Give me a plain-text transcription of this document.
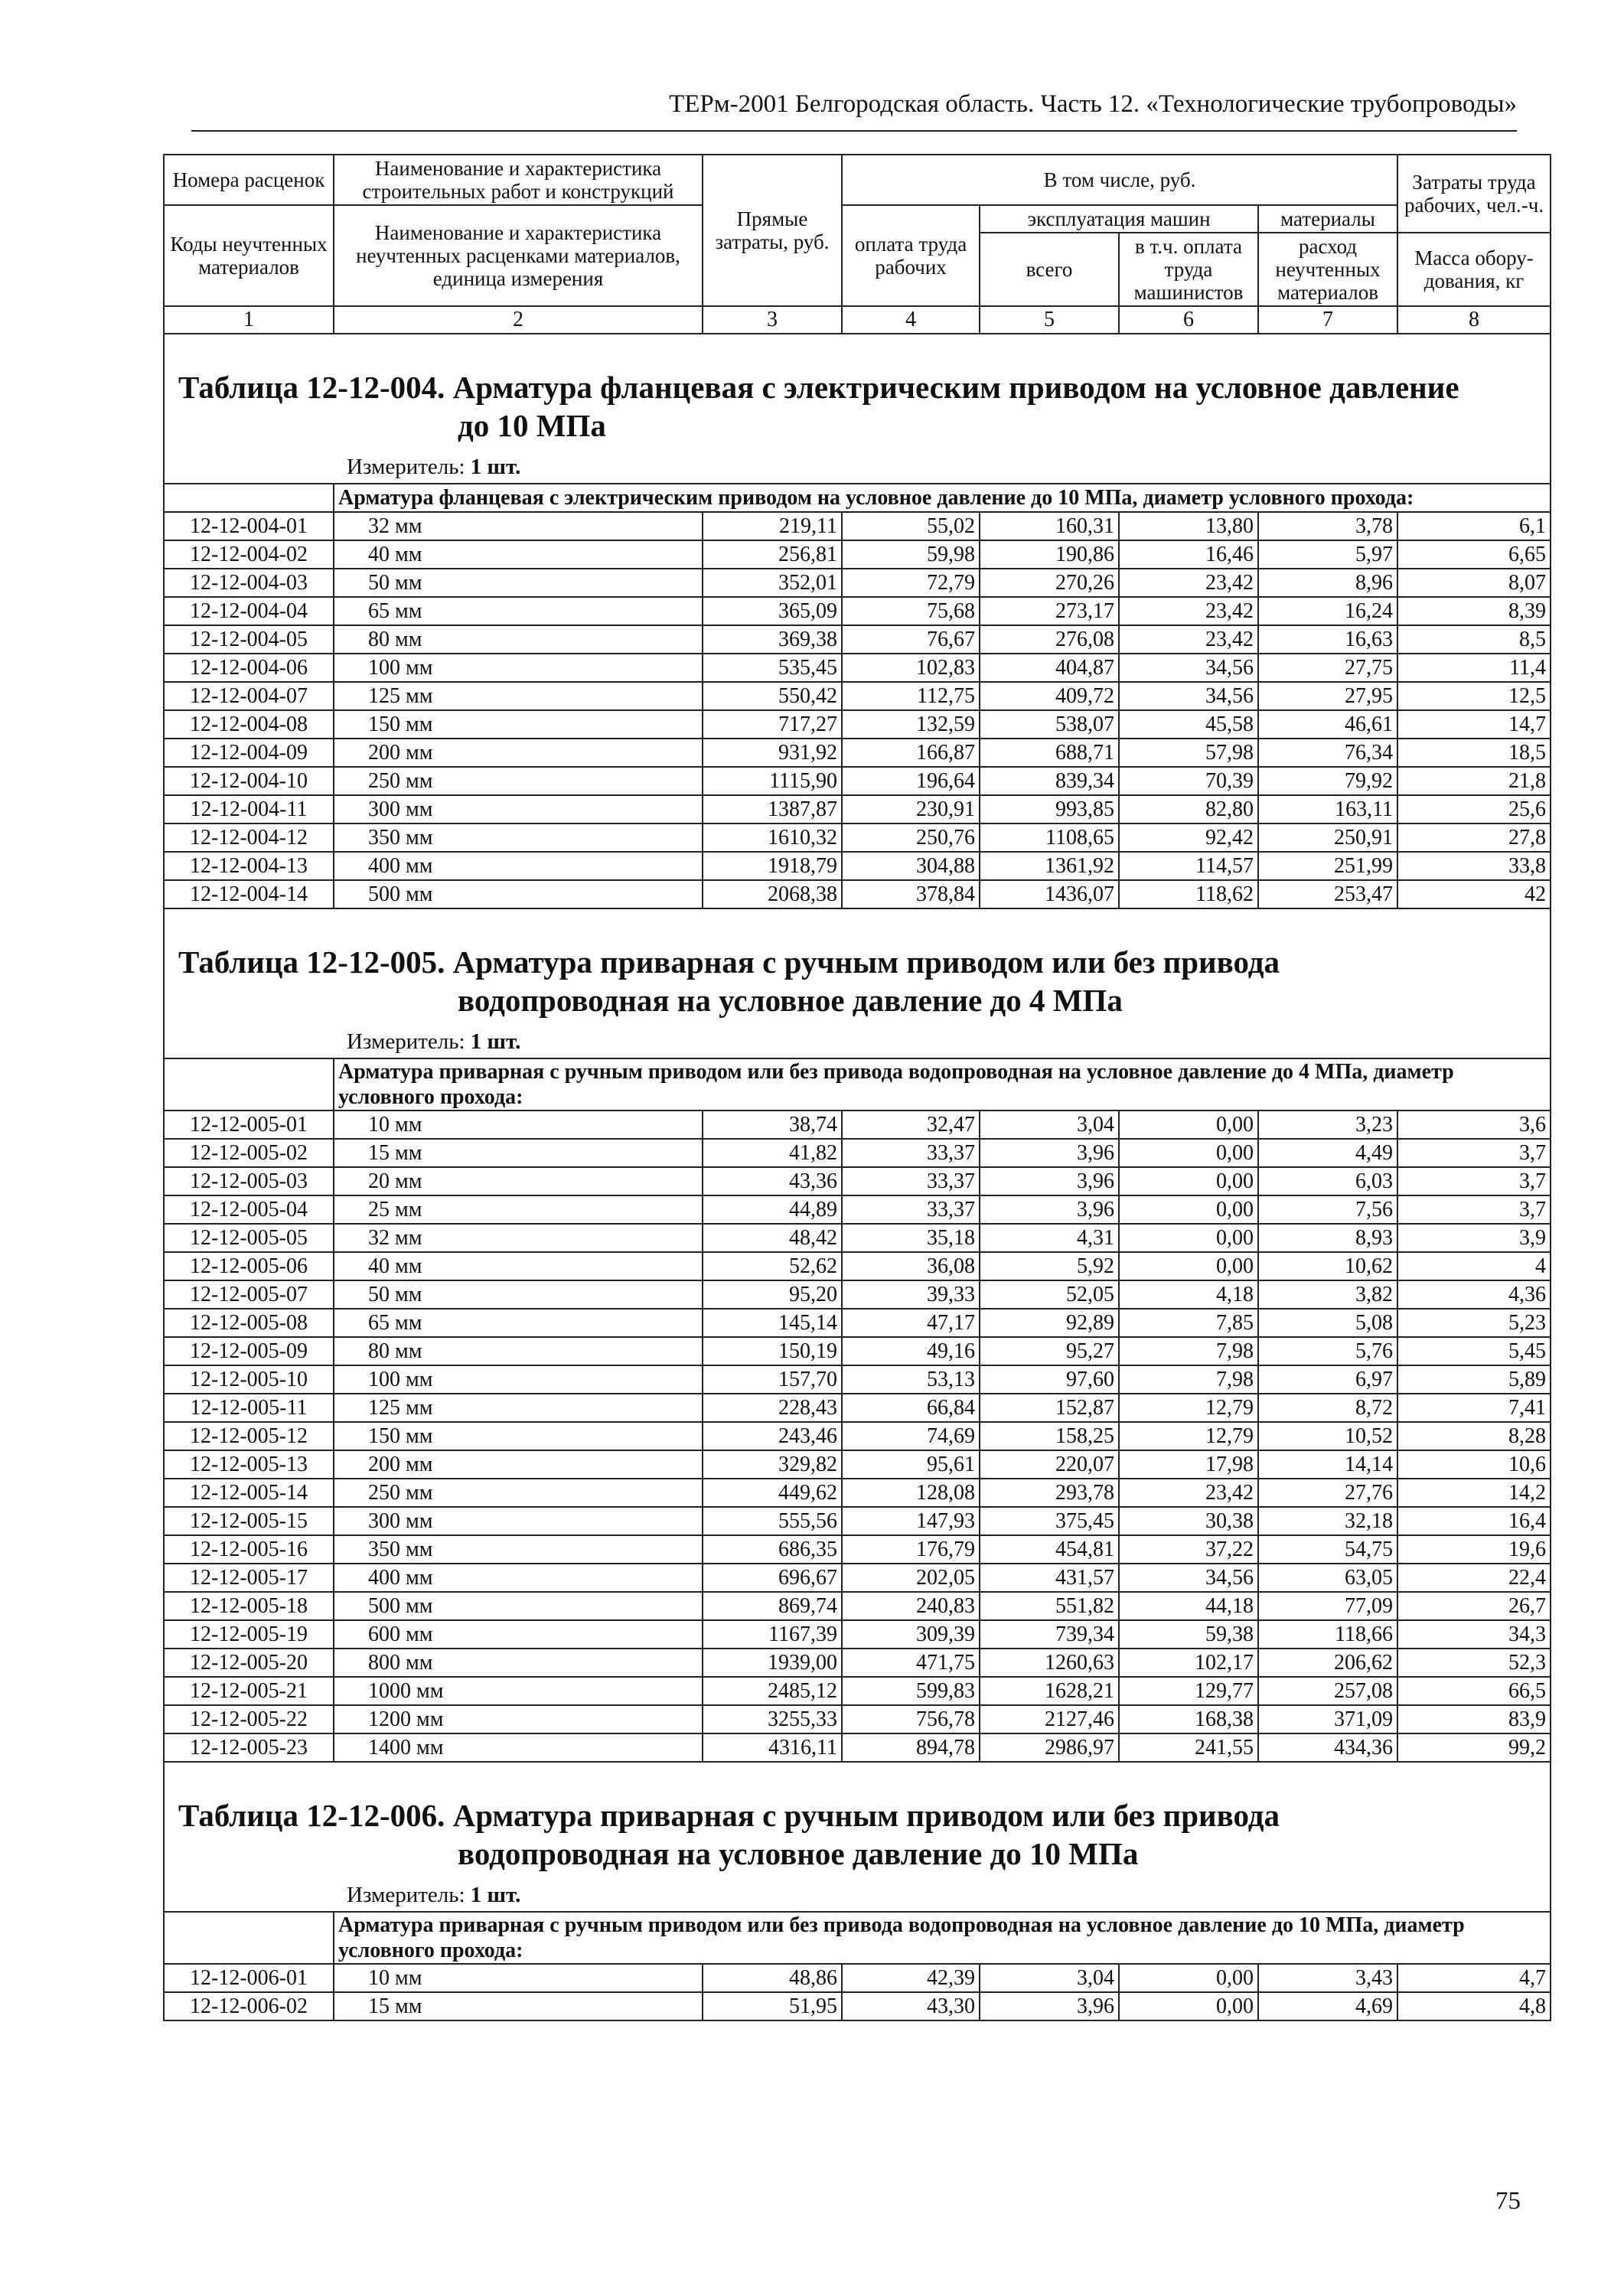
ТЕРм-2001 Белгородская область. Часть 12. «Технологические трубопроводы»
Номера расценок	Наименование и характеристика строительных работ и конструкций	Прямые затраты, руб.	В том числе, руб.				Затраты труда рабочих, чел.-ч.
Коды неучтенных материалов	Наименование и характеристика неучтенных расценками материалов, единица измерения		оплата труда рабочих	эксплуатация машин		материалы	
				всего	в т.ч. оплата труда машинистов	расход неучтенных материалов	Масса обору- дования, кг
1	2	3	4	5	6	7	8

Таблица 12-12-004. Арматура фланцевая с электрическим приводом на условное давление
до 10 МПа
Измеритель: 1 шт.							

	Арматура фланцевая с электрическим приводом на условное давление до 10 МПа, диаметр условного прохода:						
12-12-004-01	32 мм	219,11	55,02	160,31	13,80	3,78	6,1
12-12-004-02	40 мм	256,81	59,98	190,86	16,46	5,97	6,65
12-12-004-03	50 мм	352,01	72,79	270,26	23,42	8,96	8,07
12-12-004-04	65 мм	365,09	75,68	273,17	23,42	16,24	8,39
12-12-004-05	80 мм	369,38	76,67	276,08	23,42	16,63	8,5
12-12-004-06	100 мм	535,45	102,83	404,87	34,56	27,75	11,4
12-12-004-07	125 мм	550,42	112,75	409,72	34,56	27,95	12,5
12-12-004-08	150 мм	717,27	132,59	538,07	45,58	46,61	14,7
12-12-004-09	200 мм	931,92	166,87	688,71	57,98	76,34	18,5
12-12-004-10	250 мм	1115,90	196,64	839,34	70,39	79,92	21,8
12-12-004-11	300 мм	1387,87	230,91	993,85	82,80	163,11	25,6
12-12-004-12	350 мм	1610,32	250,76	1108,65	92,42	250,91	27,8
12-12-004-13	400 мм	1918,79	304,88	1361,92	114,57	251,99	33,8
12-12-004-14	500 мм	2068,38	378,84	1436,07	118,62	253,47	42

Таблица 12-12-005. Арматура приварная с ручным приводом или без привода
водопроводная на условное давление до 4 МПа
Измеритель: 1 шт.							

	Арматура приварная с ручным приводом или без привода водопроводная на условное давление до 4 МПа, диаметр условного прохода:						
12-12-005-01	10 мм	38,74	32,47	3,04	0,00	3,23	3,6
12-12-005-02	15 мм	41,82	33,37	3,96	0,00	4,49	3,7
12-12-005-03	20 мм	43,36	33,37	3,96	0,00	6,03	3,7
12-12-005-04	25 мм	44,89	33,37	3,96	0,00	7,56	3,7
12-12-005-05	32 мм	48,42	35,18	4,31	0,00	8,93	3,9
12-12-005-06	40 мм	52,62	36,08	5,92	0,00	10,62	4
12-12-005-07	50 мм	95,20	39,33	52,05	4,18	3,82	4,36
12-12-005-08	65 мм	145,14	47,17	92,89	7,85	5,08	5,23
12-12-005-09	80 мм	150,19	49,16	95,27	7,98	5,76	5,45
12-12-005-10	100 мм	157,70	53,13	97,60	7,98	6,97	5,89
12-12-005-11	125 мм	228,43	66,84	152,87	12,79	8,72	7,41
12-12-005-12	150 мм	243,46	74,69	158,25	12,79	10,52	8,28
12-12-005-13	200 мм	329,82	95,61	220,07	17,98	14,14	10,6
12-12-005-14	250 мм	449,62	128,08	293,78	23,42	27,76	14,2
12-12-005-15	300 мм	555,56	147,93	375,45	30,38	32,18	16,4
12-12-005-16	350 мм	686,35	176,79	454,81	37,22	54,75	19,6
12-12-005-17	400 мм	696,67	202,05	431,57	34,56	63,05	22,4
12-12-005-18	500 мм	869,74	240,83	551,82	44,18	77,09	26,7
12-12-005-19	600 мм	1167,39	309,39	739,34	59,38	118,66	34,3
12-12-005-20	800 мм	1939,00	471,75	1260,63	102,17	206,62	52,3
12-12-005-21	1000 мм	2485,12	599,83	1628,21	129,77	257,08	66,5
12-12-005-22	1200 мм	3255,33	756,78	2127,46	168,38	371,09	83,9
12-12-005-23	1400 мм	4316,11	894,78	2986,97	241,55	434,36	99,2

Таблица 12-12-006. Арматура приварная с ручным приводом или без привода
водопроводная на условное давление до 10 МПа
Измеритель: 1 шт.							

	Арматура приварная с ручным приводом или без привода водопроводная на условное давление до 10 МПа, диаметр условного прохода:						
12-12-006-01	10 мм	48,86	42,39	3,04	0,00	3,43	4,7
12-12-006-02	15 мм	51,95	43,30	3,96	0,00	4,69	4,8
75
